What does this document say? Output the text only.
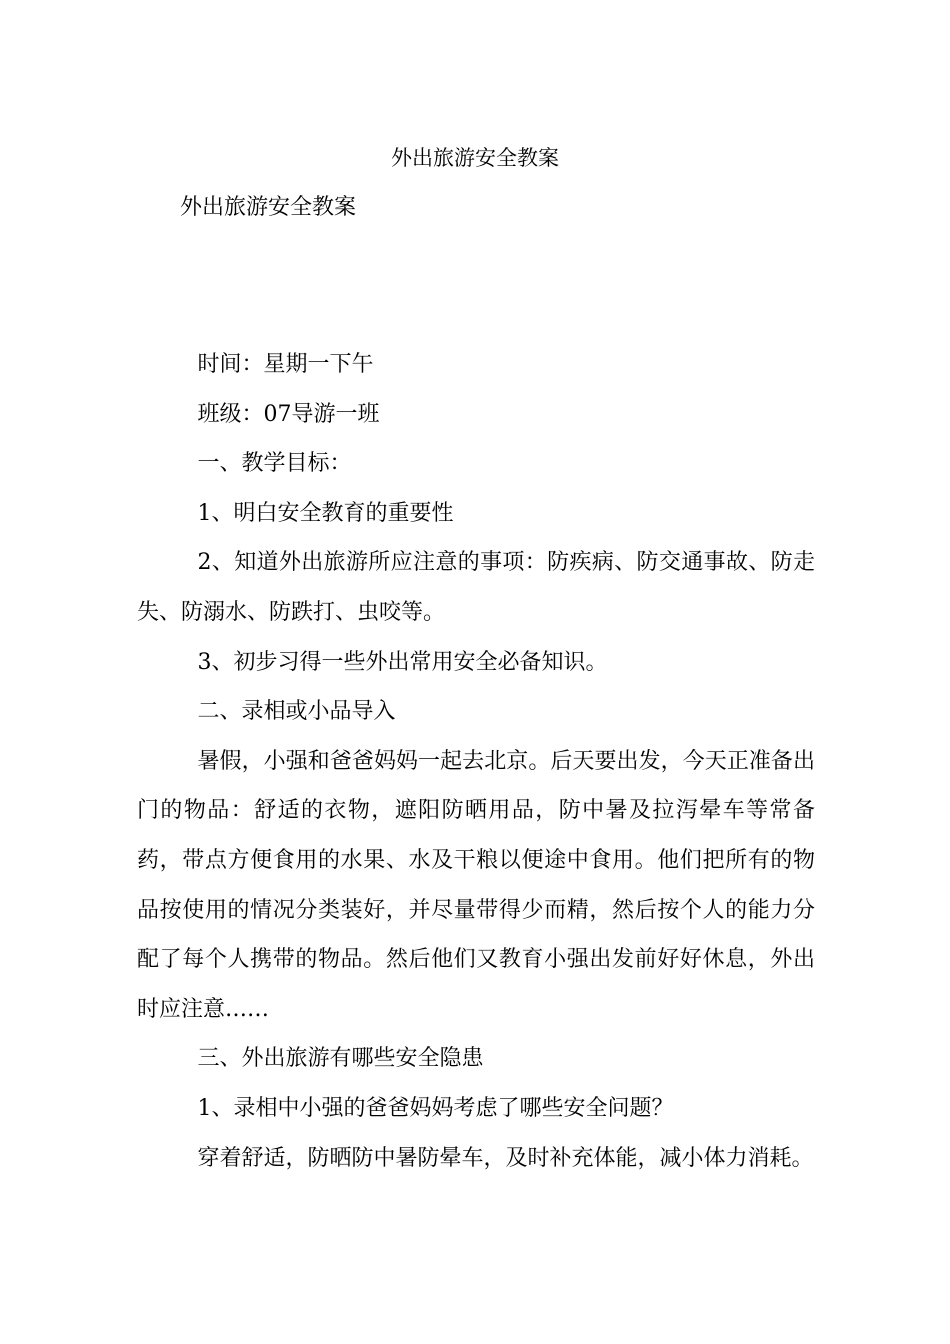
外出旅游安全教案
外出旅游安全教案

时间：星期一下午

班级：07导游一班

一、教学目标：

1、明白安全教育的重要性

2、知道外出旅游所应注意的事项：防疾病、防交通事故、防走失、防溺水、防跌打、虫咬等。

3、初步习得一些外出常用安全必备知识。

二、录相或小品导入

暑假，小强和爸爸妈妈一起去北京。后天要出发，今天正准备出门的物品：舒适的衣物，遮阳防晒用品，防中暑及拉泻晕车等常备药，带点方便食用的水果、水及干粮以便途中食用。他们把所有的物品按使用的情况分类装好，并尽量带得少而精，然后按个人的能力分配了每个人携带的物品。然后他们又教育小强出发前好好休息，外出时应注意……

三、外出旅游有哪些安全隐患

1、录相中小强的爸爸妈妈考虑了哪些安全问题？

穿着舒适，防晒防中暑防晕车，及时补充体能，减小体力消耗。
